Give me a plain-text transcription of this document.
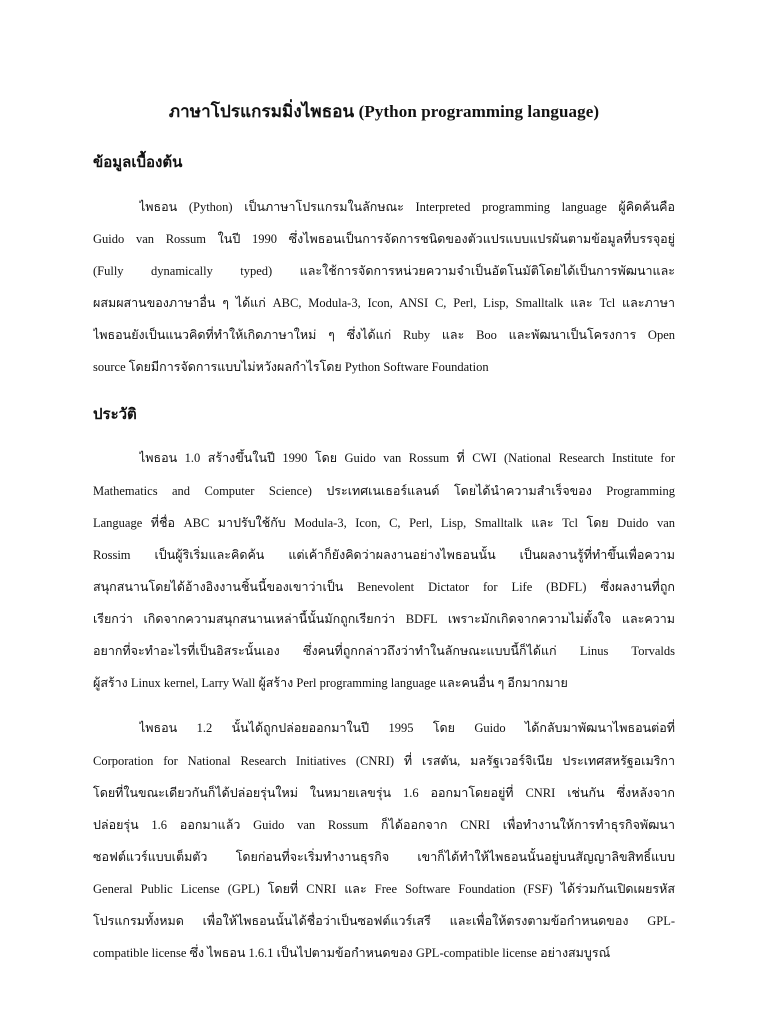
ภาษาโปรแกรมมิ่งไพธอน (Python programming language)
ข้อมูลเบื้องต้น
ไพธอน (Python) เป็นภาษาโปรแกรมในลักษณะ Interpreted programming language ผู้คิดค้นคือ
Guido van Rossum ในปี 1990 ซึ่งไพธอนเป็นการจัดการชนิดของตัวแปรแบบแปรผันตามข้อมูลที่บรรจุอยู่
(Fully dynamically typed) และใช้การจัดการหน่วยความจำเป็นอัตโนมัติโดยได้เป็นการพัฒนาและ
ผสมผสานของภาษาอื่น ๆ ได้แก่ ABC, Modula-3, Icon, ANSI C, Perl, Lisp, Smalltalk และ Tcl และภาษา
ไพธอนยังเป็นแนวคิดที่ทำให้เกิดภาษาใหม่ ๆ ซึ่งได้แก่ Ruby และ Boo และพัฒนาเป็นโครงการ Open
source โดยมีการจัดการแบบไม่หวังผลกำไรโดย Python Software Foundation
ประวัติ
ไพธอน 1.0 สร้างขึ้นในปี 1990 โดย Guido van Rossum ที่ CWI (National Research Institute for
Mathematics and Computer Science) ประเทศเนเธอร์แลนด์ โดยได้นำความสำเร็จของ Programming
Language ที่ชื่อ ABC มาปรับใช้กับ Modula-3, Icon, C, Perl, Lisp, Smalltalk และ Tcl โดย Duido van
Rossim เป็นผู้ริเริ่มและคิดค้น แต่เค้าก็ยังคิดว่าผลงานอย่างไพธอนนั้น เป็นผลงานรู้ที่ทำขึ้นเพื่อความ
สนุกสนานโดยได้อ้างอิงงานชิ้นนี้ของเขาว่าเป็น Benevolent Dictator for Life (BDFL) ซึ่งผลงานที่ถูก
เรียกว่า เกิดจากความสนุกสนานเหล่านี้นั้นมักถูกเรียกว่า BDFL เพราะมักเกิดจากความไม่ตั้งใจ และความ
อยากที่จะทำอะไรที่เป็นอิสระนั้นเอง ซึ่งคนที่ถูกกล่าวถึงว่าทำในลักษณะแบบนี้ก็ได้แก่ Linus Torvalds
ผู้สร้าง Linux kernel, Larry Wall ผู้สร้าง Perl programming language และคนอื่น ๆ อีกมากมาย
ไพธอน 1.2 นั้นได้ถูกปล่อยออกมาในปี 1995 โดย Guido ได้กลับมาพัฒนาไพธอนต่อที่
Corporation for National Research Initiatives (CNRI) ที่ เรสตัน, มลรัฐเวอร์จิเนีย ประเทศสหรัฐอเมริกา
โดยที่ในขณะเดียวกันก็ได้ปล่อยรุ่นใหม่ ในหมายเลขรุ่น 1.6 ออกมาโดยอยู่ที่ CNRI เช่นกัน ซึ่งหลังจาก
ปล่อยรุ่น 1.6 ออกมาแล้ว Guido van Rossum ก็ได้ออกจาก CNRI เพื่อทำงานให้การทำธุรกิจพัฒนา
ซอฟต์แวร์แบบเต็มตัว โดยก่อนที่จะเริ่มทำงานธุรกิจ เขาก็ได้ทำให้ไพธอนนั้นอยู่บนสัญญาลิขสิทธิ์แบบ
General Public License (GPL) โดยที่ CNRI และ Free Software Foundation (FSF) ได้ร่วมกันเปิดเผยรหัส
โปรแกรมทั้งหมด เพื่อให้ไพธอนนั้นได้ชื่อว่าเป็นซอฟต์แวร์เสรี และเพื่อให้ตรงตามข้อกำหนดของ GPL-
compatible license ซึ่ง ไพธอน 1.6.1 เป็นไปตามข้อกำหนดของ GPL-compatible license อย่างสมบูรณ์
